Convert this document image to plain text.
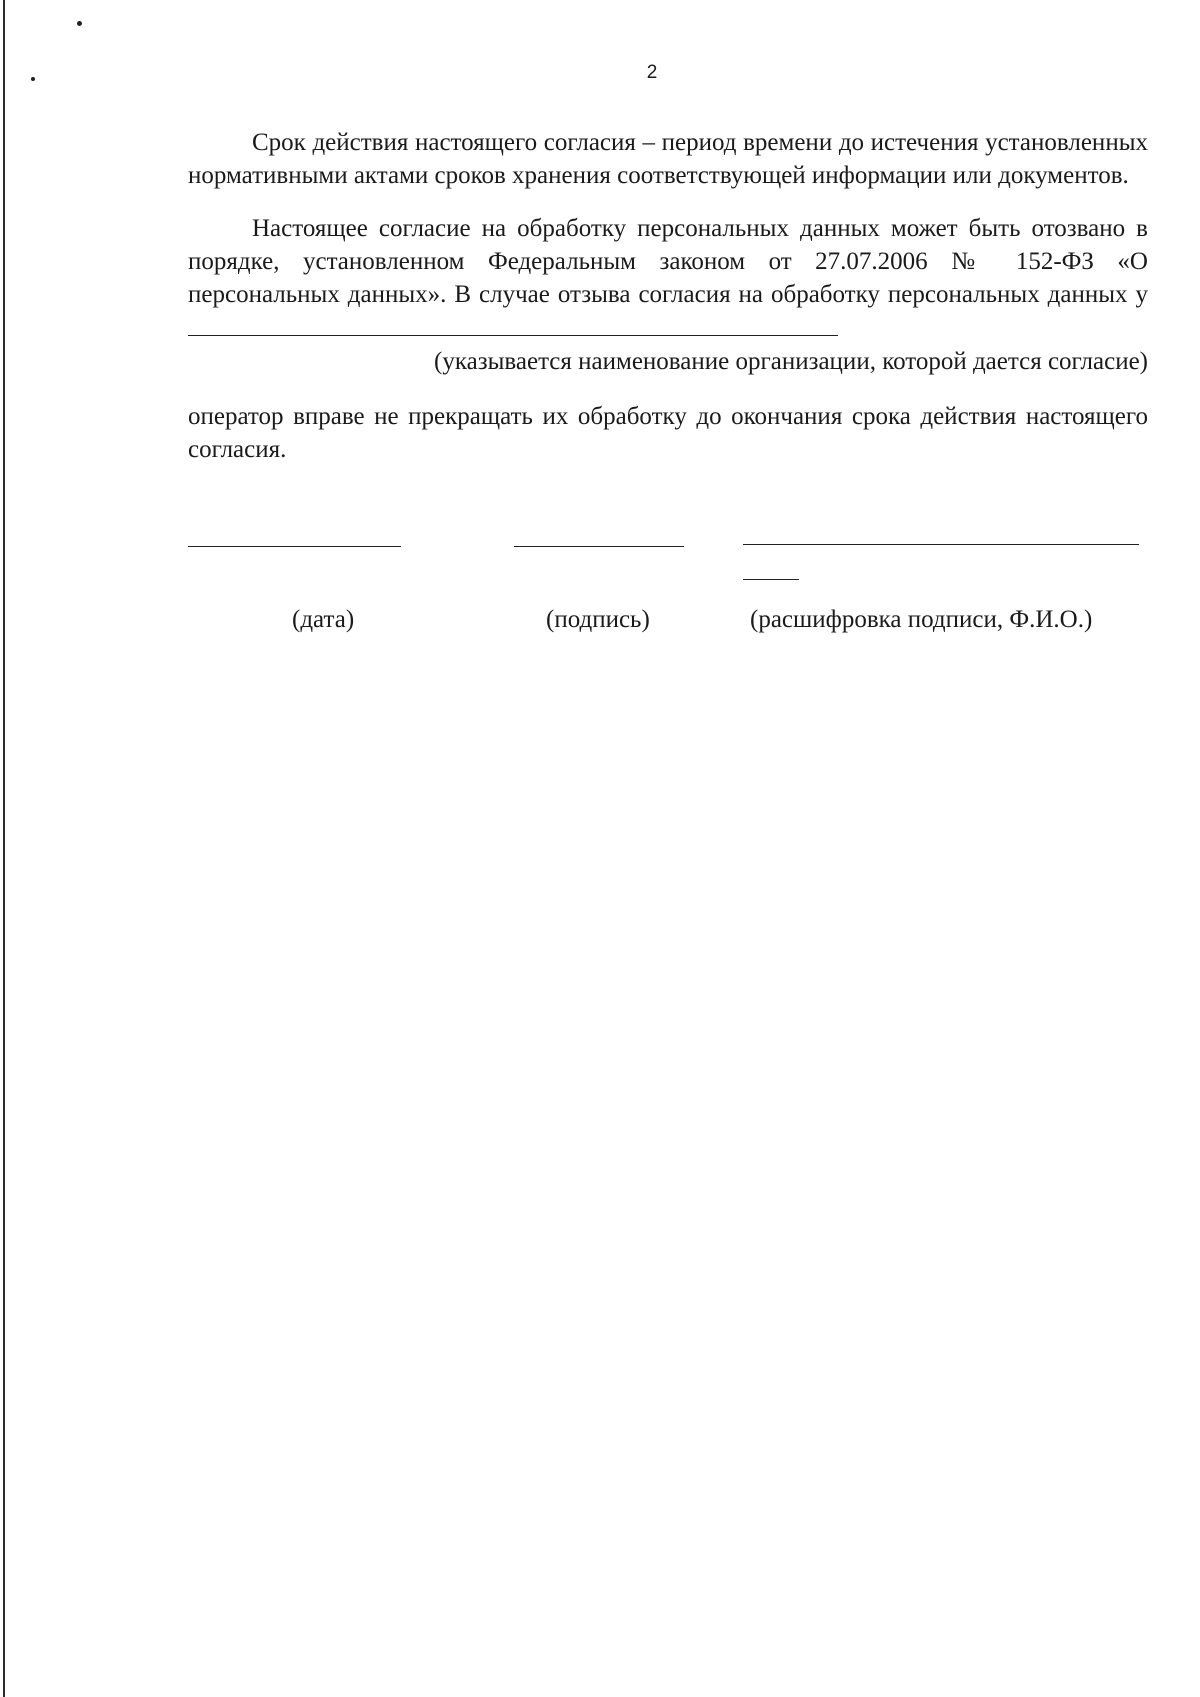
2

Срок действия настоящего согласия – период времени до истечения установленных нормативными актами сроков хранения соответствующей информации или документов.

Настоящее согласие на обработку персональных данных может быть отозвано в порядке, установленном Федеральным законом от 27.07.2006 № 152-ФЗ «О персональных данных». В случае отзыва согласия на обработку персональных данных у

(указывается наименование организации, которой дается согласие)

оператор вправе не прекращать их обработку до окончания срока действия настоящего согласия.

(дата)	(подпись)	(расшифровка подписи, Ф.И.О.)
